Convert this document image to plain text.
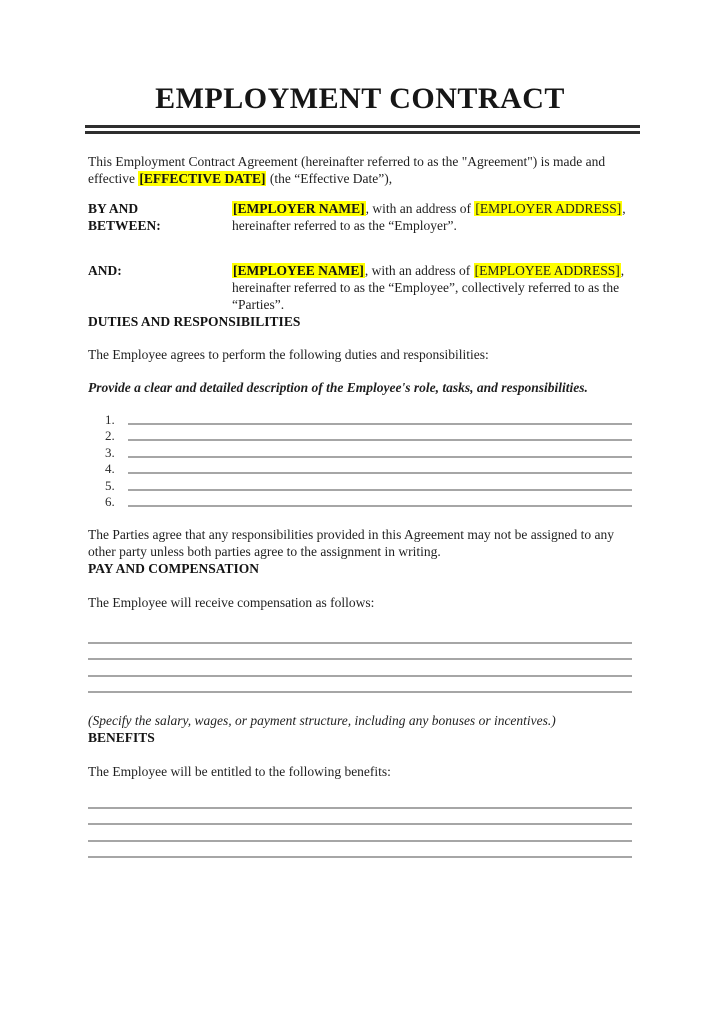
EMPLOYMENT CONTRACT

This Employment Contract Agreement (hereinafter referred to as the "Agreement") is made and effective [EFFECTIVE DATE] (the “Effective Date”),

BY AND BETWEEN:
[EMPLOYER NAME], with an address of [EMPLOYER ADDRESS], hereinafter referred to as the “Employer”.
AND:	[EMPLOYEE NAME], with an address of [EMPLOYEE ADDRESS], hereinafter referred to as the “Employee”, collectively referred to as the “Parties”.
DUTIES AND RESPONSIBILITIES

The Employee agrees to perform the following duties and responsibilities:

Provide a clear and detailed description of the Employee's role, tasks, and responsibilities.

1.
2.
3.
4.
5.
6.

The Parties agree that any responsibilities provided in this Agreement may not be assigned to any other party unless both parties agree to the assignment in writing.

PAY AND COMPENSATION

The Employee will receive compensation as follows:

(Specify the salary, wages, or payment structure, including any bonuses or incentives.)

BENEFITS

The Employee will be entitled to the following benefits:
